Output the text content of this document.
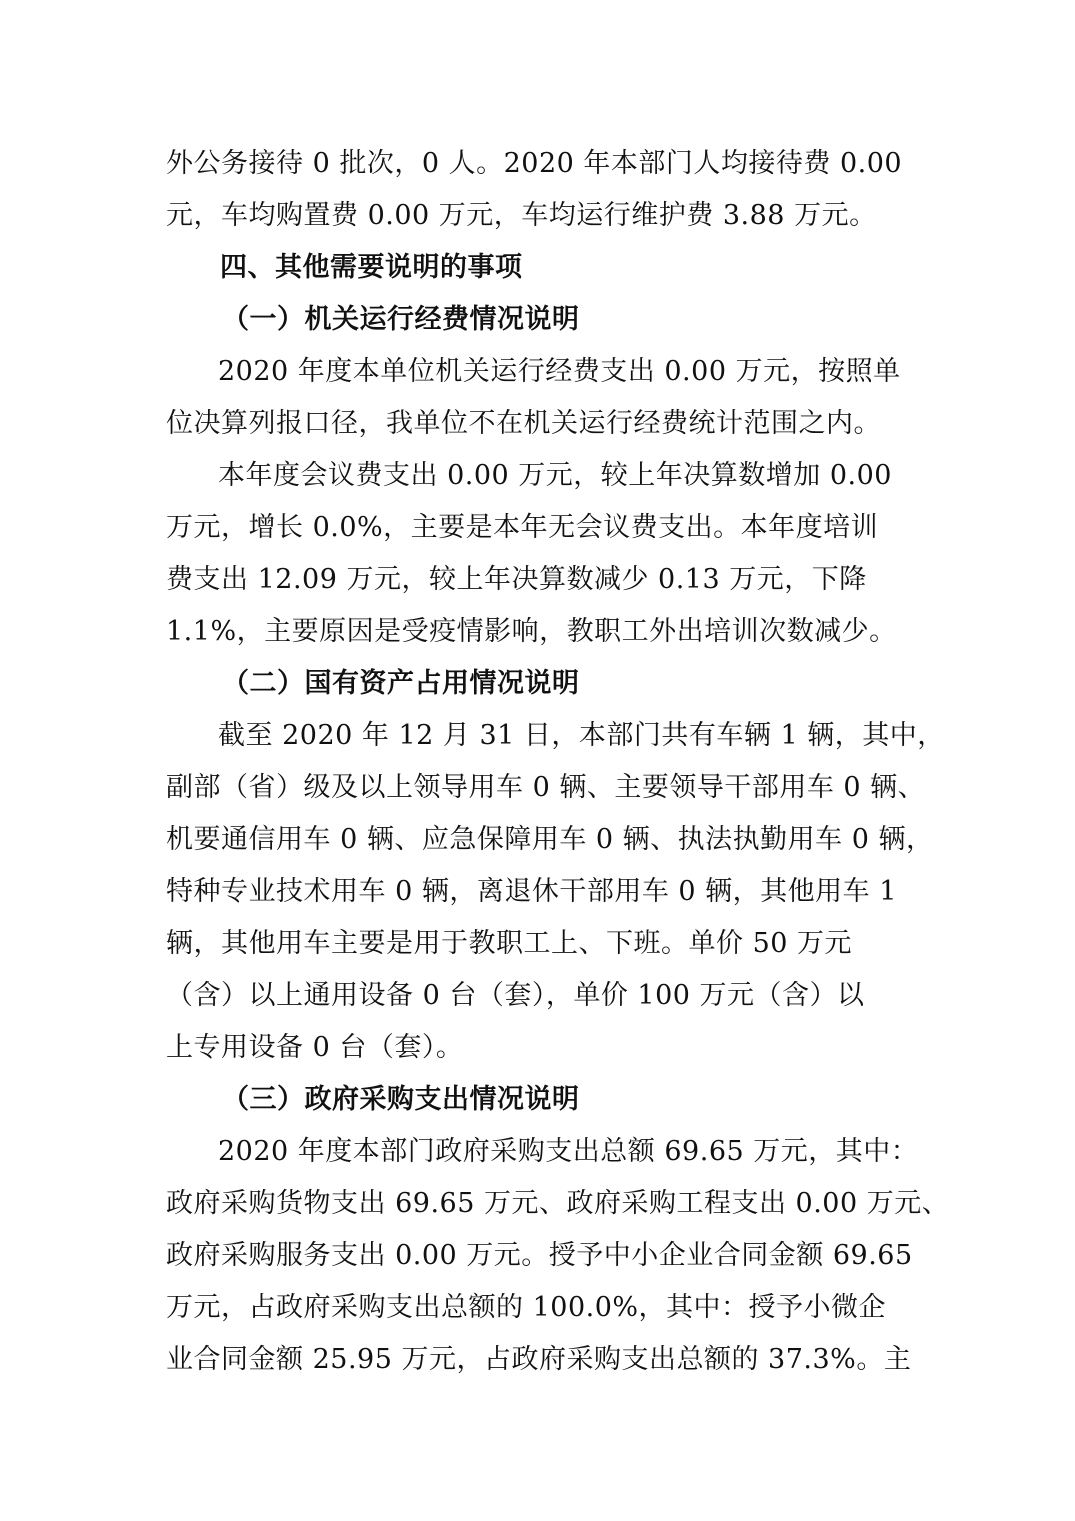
外公务接待 0 批次，0 人。2020 年本部门人均接待费 0.00
元，车均购置费 0.00 万元，车均运行维护费 3.88 万元。
四、其他需要说明的事项
（一）机关运行经费情况说明
2020 年度本单位机关运行经费支出 0.00 万元，按照单
位决算列报口径，我单位不在机关运行经费统计范围之内。
本年度会议费支出 0.00 万元，较上年决算数增加 0.00
万元，增长 0.0%，主要是本年无会议费支出。本年度培训
费支出 12.09 万元，较上年决算数减少 0.13 万元，下降
1.1%，主要原因是受疫情影响，教职工外出培训次数减少。
（二）国有资产占用情况说明
截至 2020 年 12 月 31 日，本部门共有车辆 1 辆，其中，
副部（省）级及以上领导用车 0 辆、主要领导干部用车 0 辆、
机要通信用车 0 辆、应急保障用车 0 辆、执法执勤用车 0 辆，
特种专业技术用车 0 辆，离退休干部用车 0 辆，其他用车 1
辆，其他用车主要是用于教职工上、下班。单价 50 万元
（含）以上通用设备 0 台（套），单价 100 万元（含）以
上专用设备 0 台（套）。
（三）政府采购支出情况说明
2020 年度本部门政府采购支出总额 69.65 万元，其中：
政府采购货物支出 69.65 万元、政府采购工程支出 0.00 万元、
政府采购服务支出 0.00 万元。授予中小企业合同金额 69.65
万元，占政府采购支出总额的 100.0%，其中：授予小微企
业合同金额 25.95 万元，占政府采购支出总额的 37.3%。主
